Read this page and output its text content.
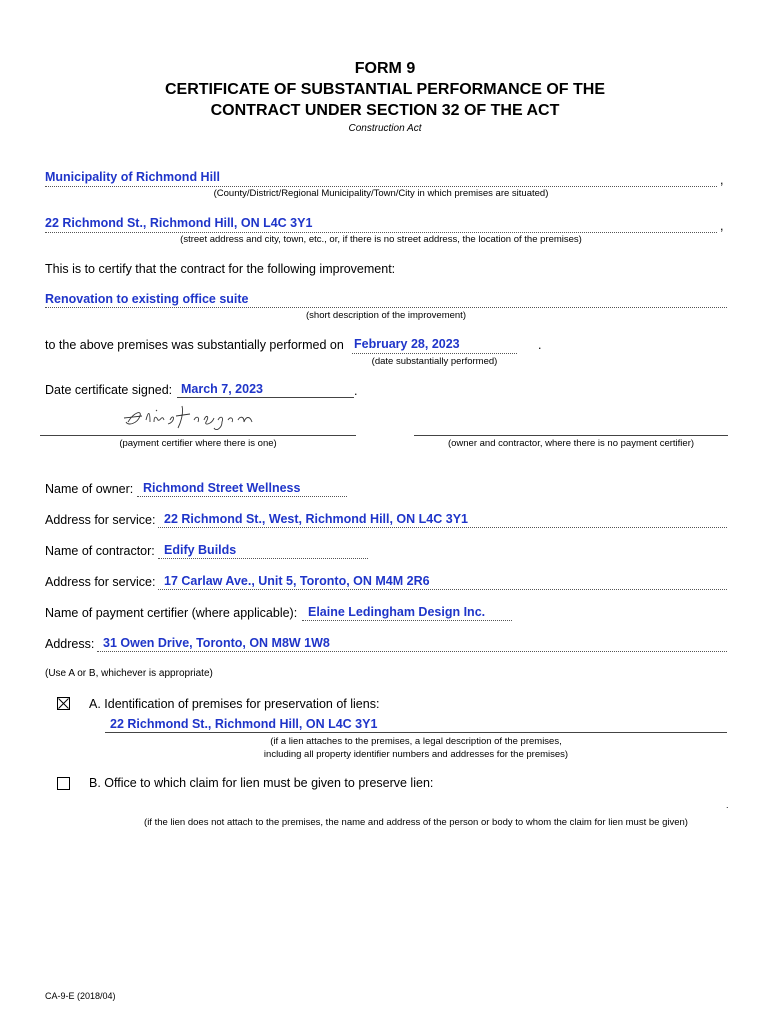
FORM 9
CERTIFICATE OF SUBSTANTIAL PERFORMANCE OF THE
CONTRACT UNDER SECTION 32 OF THE ACT
Construction Act
Municipality of Richmond Hill	,
(County/District/Regional Municipality/Town/City in which premises are situated)
22 Richmond St., Richmond Hill, ON L4C 3Y1	,
(street address and city, town, etc., or, if there is no street address, the location of the premises)
This is to certify that the contract for the following improvement:
Renovation to existing office suite
(short description of the improvement)
to the above premises was substantially performed on February 28, 2023	.
(date substantially performed)
Date certificate signed: March 7, 2023	.
(payment certifier where there is one)	(owner and contractor, where there is no payment certifier)
Name of owner: Richmond Street Wellness
Address for service: 22 Richmond St., West, Richmond Hill, ON L4C 3Y1
Name of contractor: Edify Builds
Address for service: 17 Carlaw Ave., Unit 5, Toronto, ON M4M 2R6
Name of payment certifier (where applicable): Elaine Ledingham Design Inc.
Address: 31 Owen Drive, Toronto, ON M8W 1W8
(Use A or B, whichever is appropriate)
A. Identification of premises for preservation of liens:
22 Richmond St., Richmond Hill, ON L4C 3Y1
(if a lien attaches to the premises, a legal description of the premises,
including all property identifier numbers and addresses for the premises)
B. Office to which claim for lien must be given to preserve lien:
.
(if the lien does not attach to the premises, the name and address of the person or body to whom the claim for lien must be given)
CA-9-E (2018/04)
